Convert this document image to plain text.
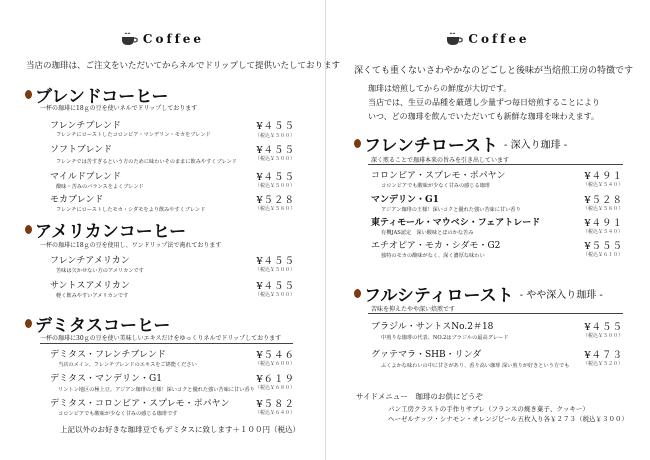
Coffee
当店の珈琲は、ご注文をいただいてからネルでドリップして提供いたしております
ブレンドコーヒー
一杯の珈琲に18ｇの豆を使いネルでドリップしております
フレンチブレンド
フレンチにローストしたコロンビア・マンデリン・モカをブレンド
¥４５５
（税込￥５００）
ソフトブレンド
フレンチでは苦すぎるという方のために味わいそのままに飲みやすくブレンド
¥４５５
（税込￥５００）
マイルドブレンド
酸味・苦みのバランスをよくブレンド
¥４５５
（税込￥５００）
モカブレンド
フレンチにローストしたモカ・シダモをより飲みやすくブレンド
¥５２８
（税込￥５８０）
アメリカンコーヒー
一杯の珈琲に18ｇの豆を使用し、ワンドリップ法で淹れております
フレンチアメリカン
苦味は欠かせない方のアメリカンです
¥４５５
（税込￥５００）
サントスアメリカン
軽く飲みやすいアメリカンです
¥４５５
（税込￥５００）
デミタスコーヒー
一杯の珈琲に30ｇの豆を使い美味しいエキスだけをゆっくりネルでドリップしております
デミタス・フレンチブレンド
当店のメイン、フレンチブレンドのエキスをご堪能ください
¥５４６
（税込￥６００）
デミタス・マンデリン・G1
リントン地区の極上豆。アジアン珈琲の王様！深いコクと優れた強い苦味に甘い香り
¥６１９
（税込￥６８０）
デミタス・コロンビア・スプレモ・ポパヤン
コロンビアでも酸味が少なく甘みの感じる珈琲です
¥５８２
（税込￥６４０）
上記以外のお好きな珈琲豆でもデミタスに致します＋１００円（税込）
Coffee
深くても重くないさわやかなのどごしと後味が当焙煎工房の特徴です
珈琲は焙煎してからの鮮度が大切です。
当店では、生豆の品種を厳選し少量ずつ毎日焙煎することにより
いつ、どの珈琲を飲んでいただいても新鮮な珈琲を味わえます。
フレンチロースト - 深入り珈琲 -
深く煎ることで珈琲本来の旨みを引き出しています
コロンビア・スプレモ・ポパヤン
コロンビアでも酸味が少なく甘みの感じる珈琲
¥４９１
（税込￥５４０）
マンデリン・G1
アジアン珈琲の王様！深いコクと優れた強い苦味に甘い香り
¥５２８
（税込￥５８０）
東ティモール・マウベシ・フェアトレード
有機JAS認定　深い酸味とほのかな苦み
¥４９１
（税込￥５４０）
エチオピア・モカ・シダモ・G2
独特のモカの酸味がなく、深く濃厚な味わい
¥５５５
（税込￥６１０）
フルシティロースト - やや深入り珈琲 -
苦味を抑えたやや深い焙煎です
ブラジル・サントスNo.2＃18
中煎りな珈琲の代表、NO.2はブラジルの最高グレード
¥４５５
（税込￥５００）
グァテマラ・SHB・リンダ
ふくよかな味わいの中に甘さがあり、香り高い珈琲 深い煎りが好きという方でも
¥４７３
（税込￥５２０）
サイドメニュー　珈琲のお供にどうぞ
パン工房クラストの手作りサブレ（フランスの焼き菓子、クッキー）
ヘーゼルナッツ・シナモン・オレンジピール 五枚入り各￥２７３（税込￥３００）
